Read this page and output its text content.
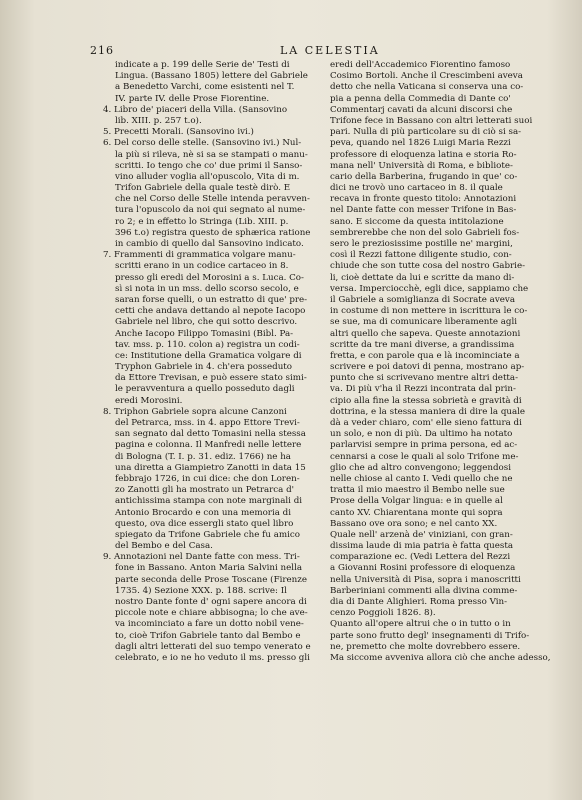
216	LA CELESTIA
indicate a p. 199 delle Serie de' Testi di
Lingua. (Bassano 1805) lettere del Gabriele
a Benedetto Varchi, come esistenti nel T.
IV. parte IV. delle Prose Fiorentine.
4. Libro de' piaceri della Villa. (Sansovino
lib. XIII. p. 257 t.o).
5. Precetti Morali. (Sansovino ivi.)
6. Del corso delle stelle. (Sansovino ivi.) Nul-
la più si rileva, nè si sa se stampati o manu-
scritti. Io tengo che co' due primi il Sanso-
vino alluder voglia all'opuscolo, Vita di m.
Trifon Gabriele della quale testè dirò. E
che nel Corso delle Stelle intenda peravven-
tura l'opuscolo da noi qui segnato al nume-
ro 2; e in effetto lo Stringa (Lib. XIII. p.
396 t.o) registra questo de sphærica ratione
in cambio di quello dal Sansovino indicato.
7. Frammenti di grammatica volgare manu-
scritti erano in un codice cartaceo in 8.
presso gli eredi del Morosini a s. Luca. Co-
sì si nota in un mss. dello scorso secolo, e
saran forse quelli, o un estratto di que' pre-
cetti che andava dettando al nepote Iacopo
Gabriele nel libro, che qui sotto descrivo.
Anche Iacopo Filippo Tomasini (Bibl. Pa-
tav. mss. p. 110. colon a) registra un codi-
ce: Institutione della Gramatica volgare di
Tryphon Gabriele in 4. ch'era posseduto
da Ettore Trevisan, e può essere stato simi-
le peravventura a quello posseduto dagli
eredi Morosini.
8. Triphon Gabriele sopra alcune Canzoni
del Petrarca, mss. in 4. appo Ettore Trevi-
san segnato dal detto Tomasini nella stessa
pagina e colonna. Il Manfredi nelle lettere
di Bologna (T. I. p. 31. ediz. 1766) ne ha
una diretta a Giampietro Zanotti in data 15
febbrajo 1726, in cui dice: che don Loren-
zo Zanotti gli ha mostrato un Petrarca d'
antichissima stampa con note marginali di
Antonio Brocardo e con una memoria di
questo, ova dice essergli stato quel libro
spiegato da Trifone Gabriele che fu amico
del Bembo e del Casa.
9. Annotazioni nel Dante fatte con mess. Tri-
fone in Bassano. Anton Maria Salvini nella
parte seconda delle Prose Toscane (Firenze
1735. 4) Sezione XXX. p. 188. scrive: Il
nostro Dante fonte d' ogni sapere ancora di
piccole note e chiare abbisogna; lo che ave-
va incominciato a fare un dotto nobil vene-
to, cioè Trifon Gabriele tanto dal Bembo e
dagli altri letterati del suo tempo venerato e
celebrato, e io ne ho veduto il ms. presso gli
eredi dell'Accademico Fiorentino famoso
Cosimo Bortoli. Anche il Crescimbeni aveva
detto che nella Vaticana si conserva una co-
pia a penna della Commedia di Dante co'
Commentarj cavati da alcuni discorsi che
Trifone fece in Bassano con altri letterati suoi
pari. Nulla di più particolare su di ciò si sa-
peva, quando nel 1826 Luigi Maria Rezzi
professore di eloquenza latina e storia Ro-
mana nell' Università di Roma, e bibliote-
cario della Barberina, frugando in que' co-
dici ne trovò uno cartaceo in 8. il quale
recava in fronte questo titolo: Annotazioni
nel Dante fatte con messer Trifone in Bas-
sano. E siccome da questa intitolazione
sembrerebbe che non del solo Gabrieli fos-
sero le preziosissime postille ne' margini,
così il Rezzi fattone diligente studio, con-
chiude che son tutte cosa del nostro Gabrie-
li, cioè dettate da lui e scritte da mano di-
versa. Imperciocchè, egli dice, sappiamo che
il Gabriele a somiglianza di Socrate aveva
in costume di non mettere in iscrittura le co-
se sue, ma di comunicare liberamente agli
altri quello che sapeva. Queste annotazioni
scritte da tre mani diverse, a grandissima
fretta, e con parole qua e là incominciate a
scrivere e poi datovi di penna, mostrano ap-
punto che si scrivevano mentre altri detta-
va. Di più v'ha il Rezzi incontrata dal prin-
cipio alla fine la stessa sobrietà e gravità di
dottrina, e la stessa maniera di dire la quale
dà a veder chiaro, com' elle sieno fattura di
un solo, e non di più. Da ultimo ha notato
parlarvisi sempre in prima persona, ed ac-
cennarsi a cose le quali al solo Trifone me-
glio che ad altro convengono; leggendosi
nelle chiose al canto I. Vedi quello che ne
tratta il mio maestro il Bembo nelle sue
Prose della Volgar lingua: e in quelle al
canto XV. Chiarentana monte qui sopra
Bassano ove ora sono; e nel canto XX.
Quale nell' arzenà de' viniziani, con gran-
dissima laude di mia patria è fatta questa
comparazione ec. (Vedi Lettera del Rezzi
a Giovanni Rosini professore di eloquenza
nella Università di Pisa, sopra i manoscritti
Barberiniani commenti alla divina comme-
dia di Dante Alighieri. Roma presso Vin-
cenzo Poggioli 1826. 8).
Quanto all'opere altrui che o in tutto o in
parte sono frutto degl' insegnamenti di Trifo-
ne, premetto che molte dovrebbero essere.
Ma siccome avveniva allora ciò che anche adesso,
